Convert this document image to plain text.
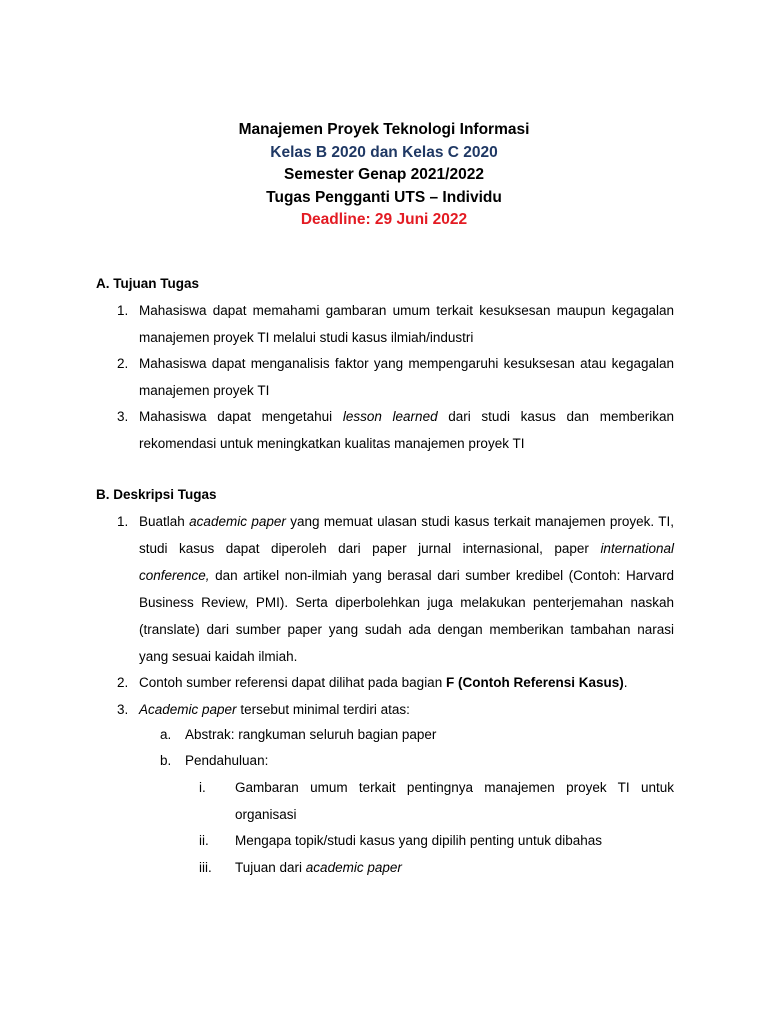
Manajemen Proyek Teknologi Informasi
Kelas B 2020 dan Kelas C 2020
Semester Genap 2021/2022
Tugas Pengganti UTS – Individu
Deadline: 29 Juni 2022
A. Tujuan Tugas
1. Mahasiswa dapat memahami gambaran umum terkait kesuksesan maupun kegagalan manajemen proyek TI melalui studi kasus ilmiah/industri
2. Mahasiswa dapat menganalisis faktor yang mempengaruhi kesuksesan atau kegagalan manajemen proyek TI
3. Mahasiswa dapat mengetahui lesson learned dari studi kasus dan memberikan rekomendasi untuk meningkatkan kualitas manajemen proyek TI
B. Deskripsi Tugas
1. Buatlah academic paper yang memuat ulasan studi kasus terkait manajemen proyek. TI, studi kasus dapat diperoleh dari paper jurnal internasional, paper international conference, dan artikel non-ilmiah yang berasal dari sumber kredibel (Contoh: Harvard Business Review, PMI). Serta diperbolehkan juga melakukan penterjemahan naskah (translate) dari sumber paper yang sudah ada dengan memberikan tambahan narasi yang sesuai kaidah ilmiah.
2. Contoh sumber referensi dapat dilihat pada bagian F (Contoh Referensi Kasus).
3. Academic paper tersebut minimal terdiri atas:
a.	Abstrak: rangkuman seluruh bagian paper
b.	Pendahuluan:
i.	Gambaran umum terkait pentingnya manajemen proyek TI untuk organisasi
ii.	Mengapa topik/studi kasus yang dipilih penting untuk dibahas
iii.	Tujuan dari academic paper
